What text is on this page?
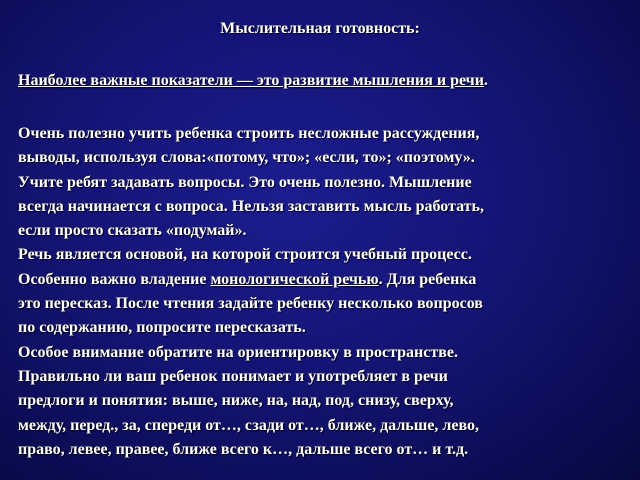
Мыслительная готовность:
Наиболее важные показатели — это развитие мышления и речи.
Очень полезно учить ребенка строить несложные рассуждения,
выводы, используя слова:«потому, что»; «если, то»; «поэтому».
Учите ребят задавать вопросы. Это очень полезно. Мышление
всегда начинается с вопроса. Нельзя заставить мысль работать,
если просто сказать «подумай».
Речь является основой, на которой строится учебный процесс.
Особенно важно владение монологической речью. Для ребенка
это пересказ. После чтения задайте ребенку несколько вопросов
по содержанию, попросите пересказать.
Особое внимание обратите на ориентировку в пространстве.
Правильно ли ваш ребенок понимает и употребляет в речи
предлоги и понятия: выше, ниже, на, над, под, снизу, сверху,
между, перед., за, спереди от…, сзади от…, ближе, дальше, лево,
право, левее, правее, ближе всего к…, дальше всего от… и т.д.
